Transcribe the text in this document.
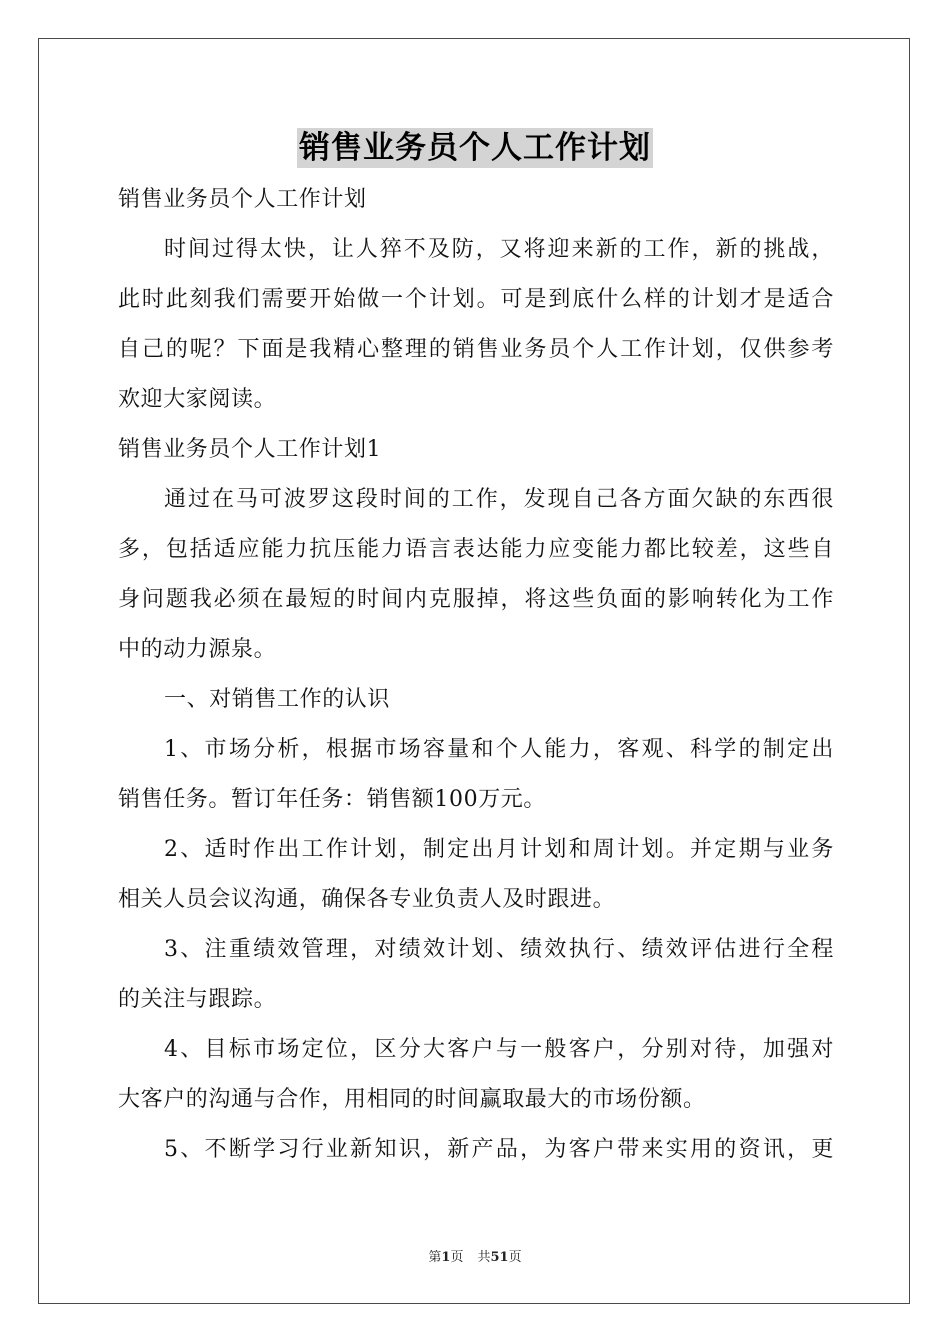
销售业务员个人工作计划
销售业务员个人工作计划
时间过得太快，让人猝不及防，又将迎来新的工作，新的挑战，
此时此刻我们需要开始做一个计划。可是到底什么样的计划才是适合
自己的呢？下面是我精心整理的销售业务员个人工作计划，仅供参考
欢迎大家阅读。
销售业务员个人工作计划1
通过在马可波罗这段时间的工作，发现自己各方面欠缺的东西很
多，包括适应能力抗压能力语言表达能力应变能力都比较差，这些自
身问题我必须在最短的时间内克服掉，将这些负面的影响转化为工作
中的动力源泉。
一、对销售工作的认识
1、市场分析，根据市场容量和个人能力，客观、科学的制定出
销售任务。暂订年任务：销售额100万元。
2、适时作出工作计划，制定出月计划和周计划。并定期与业务
相关人员会议沟通，确保各专业负责人及时跟进。
3、注重绩效管理，对绩效计划、绩效执行、绩效评估进行全程
的关注与跟踪。
4、目标市场定位，区分大客户与一般客户，分别对待，加强对
大客户的沟通与合作，用相同的时间赢取最大的市场份额。
5、不断学习行业新知识，新产品，为客户带来实用的资讯，更
第1页 共51页
